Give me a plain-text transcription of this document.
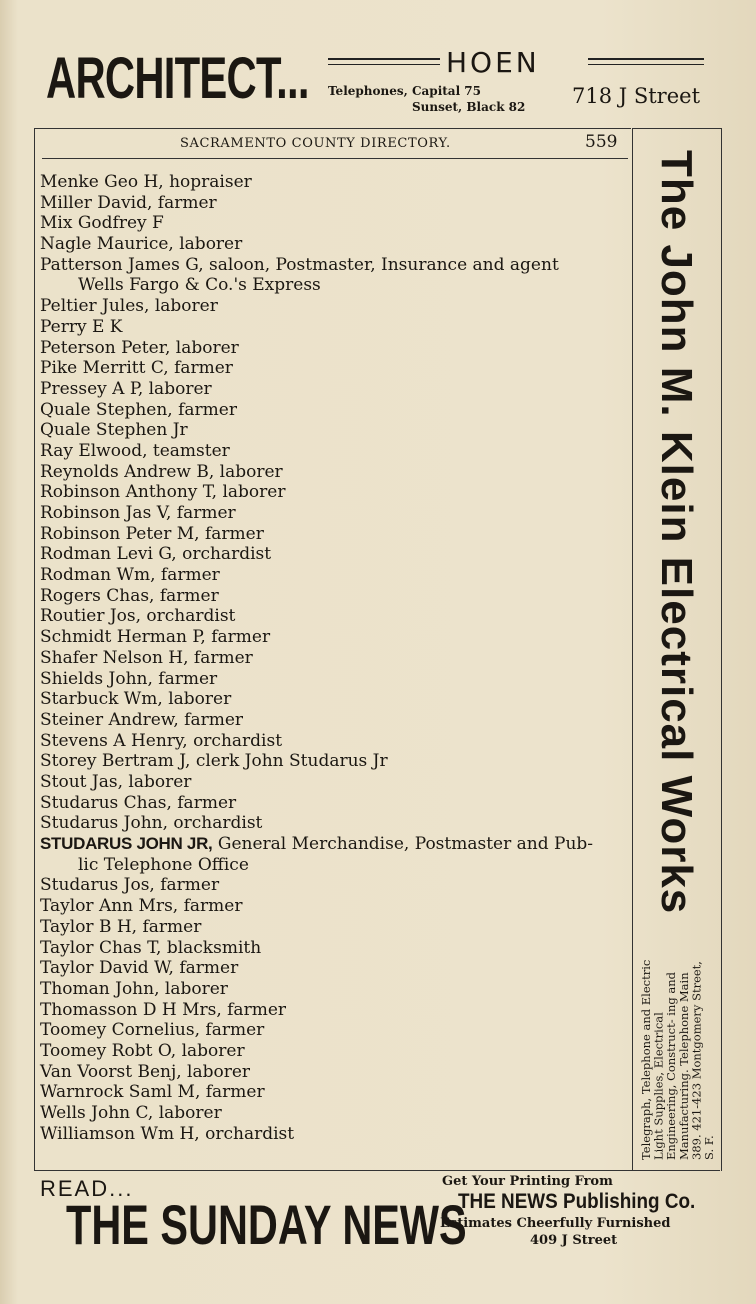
ARCHITECT...	HOEN
Telephones, Capital 75
Sunset, Black 82 718 J Street
SACRAMENTO COUNTY DIRECTORY.	559
Menke Geo H, hopraiser
Miller David, farmer
Mix Godfrey F
Nagle Maurice, laborer
Patterson James G, saloon, Postmaster, Insurance and agent
Wells Fargo & Co.'s Express
Peltier Jules, laborer
Perry E K
Peterson Peter, laborer
Pike Merritt C, farmer
Pressey A P, laborer
Quale Stephen, farmer
Quale Stephen Jr
Ray Elwood, teamster
Reynolds Andrew B, laborer
Robinson Anthony T, laborer
Robinson Jas V, farmer
Robinson Peter M, farmer
Rodman Levi G, orchardist
Rodman Wm, farmer
Rogers Chas, farmer
Routier Jos, orchardist
Schmidt Herman P, farmer
Shafer Nelson H, farmer
Shields John, farmer
Starbuck Wm, laborer
Steiner Andrew, farmer
Stevens A Henry, orchardist
Storey Bertram J, clerk John Studarus Jr
Stout Jas, laborer
Studarus Chas, farmer
Studarus John, orchardist
STUDARUS JOHN JR, General Merchandise, Postmaster and Pub-
lic Telephone Office
Studarus Jos, farmer
Taylor Ann Mrs, farmer
Taylor B H, farmer
Taylor Chas T, blacksmith
Taylor David W, farmer
Thoman John, laborer
Thomasson D H Mrs, farmer
Toomey Cornelius, farmer
Toomey Robt O, laborer
Van Voorst Benj, laborer
Warnrock Saml M, farmer
Wells John C, laborer
Williamson Wm H, orchardist
The John M. Klein Electrical Works
Telegraph, Telephone and Electric Light Supplies, Electrical Engineering, Construct- ing and Manufacturing. Telephone Main 389. 421-423 Montgomery Street, S. F.
READ...
THE SUNDAY NEWS
Get Your Printing From
THE NEWS Publishing Co.
Estimates Cheerfully Furnished
409 J Street
